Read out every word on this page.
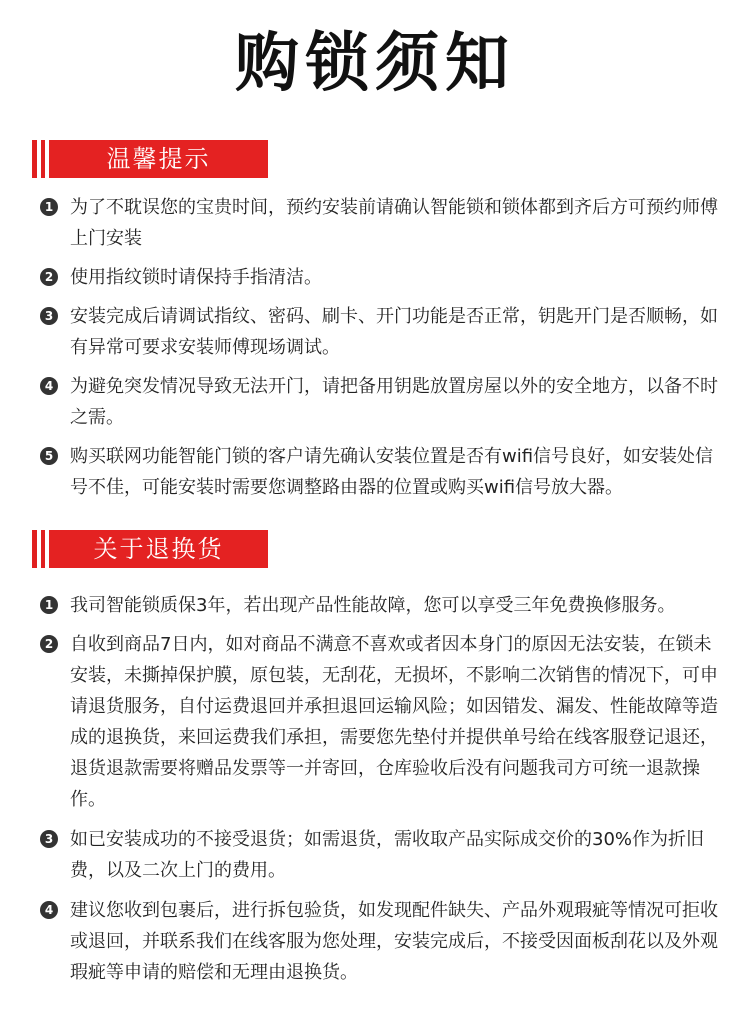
购锁须知
温馨提示
1 为了不耽误您的宝贵时间，预约安装前请确认智能锁和锁体都到齐后方可预约师傅上门安装
2 使用指纹锁时请保持手指清洁。
3 安装完成后请调试指纹、密码、刷卡、开门功能是否正常，钥匙开门是否顺畅，如有异常可要求安装师傅现场调试。
4 为避免突发情况导致无法开门，请把备用钥匙放置房屋以外的安全地方，以备不时之需。
5 购买联网功能智能门锁的客户请先确认安装位置是否有wifi信号良好，如安装处信号不佳，可能安装时需要您调整路由器的位置或购买wifi信号放大器。
关于退换货
1 我司智能锁质保3年，若出现产品性能故障，您可以享受三年免费换修服务。
2 自收到商品7日内，如对商品不满意不喜欢或者因本身门的原因无法安装，在锁未安装，未撕掉保护膜，原包装，无刮花，无损坏，不影响二次销售的情况下，可申请退货服务，自付运费退回并承担退回运输风险；如因错发、漏发、性能故障等造成的退换货，来回运费我们承担，需要您先垫付并提供单号给在线客服登记退还，退货退款需要将赠品发票等一并寄回，仓库验收后没有问题我司方可统一退款操作。
3 如已安装成功的不接受退货；如需退货，需收取产品实际成交价的30%作为折旧费，以及二次上门的费用。
4 建议您收到包裹后，进行拆包验货，如发现配件缺失、产品外观瑕疵等情况可拒收或退回，并联系我们在线客服为您处理，安装完成后，不接受因面板刮花以及外观瑕疵等申请的赔偿和无理由退换货。
